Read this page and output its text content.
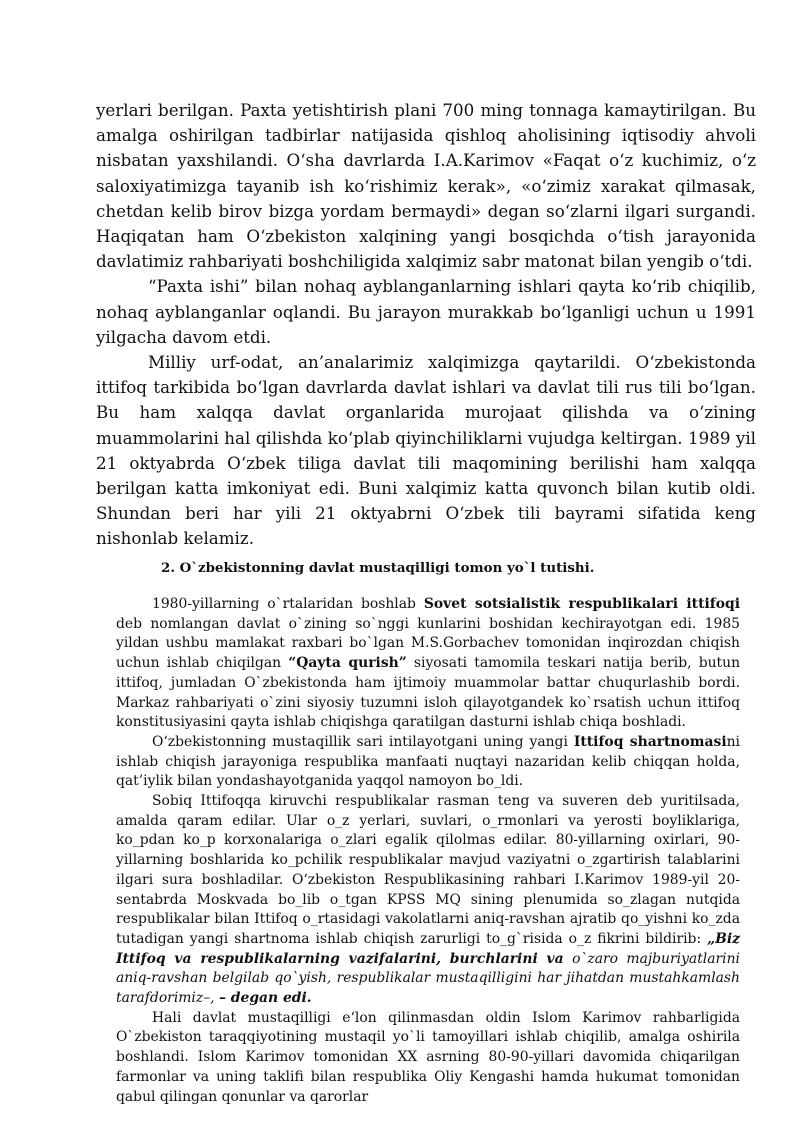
yerlari berilgan. Paxta yetishtirish plani 700 ming tonnaga kamaytirilgan. Bu amalga oshirilgan tadbirlar natijasida qishloq aholisining iqtisodiy ahvoli nisbatan yaxshilandi. O‘sha davrlarda I.A.Karimov «Faqat o‘z kuchimiz, o‘z saloxiyatimizga tayanib ish ko‘rishimiz kerak», «o‘zimiz xarakat qilmasak, chetdan kelib birov bizga yordam bermaydi» degan so‘zlarni ilgari surgandi. Haqiqatan ham O‘zbekiston xalqining yangi bosqichda o‘tish jarayonida davlatimiz rahbariyati boshchiligida xalqimiz sabr matonat bilan yengib o‘tdi.

“Paxta ishi” bilan nohaq ayblanganlarning ishlari qayta ko‘rib chiqilib, nohaq ayblanganlar oqlandi. Bu jarayon murakkab bo‘lganligi uchun u 1991 yilgacha davom etdi.

Milliy urf-odat, an’analarimiz xalqimizga qaytarildi. O‘zbekistonda ittifoq tarkibida bo‘lgan davrlarda davlat ishlari va davlat tili rus tili bo‘lgan. Bu ham xalqqa davlat organlarida murojaat qilishda va o‘zining muammolarini hal qilishda ko‘plab qiyinchiliklarni vujudga keltirgan. 1989 yil 21 oktyabrda O‘zbek tiliga davlat tili maqomining berilishi ham xalqqa berilgan katta imkoniyat edi. Buni xalqimiz katta quvonch bilan kutib oldi. Shundan beri har yili 21 oktyabrni O‘zbek tili bayrami sifatida keng nishonlab kelamiz.

2. O`zbekistonning davlat mustaqilligi tomon yo`l tutishi.

1980-yillarning o`rtalaridan boshlab Sovet sotsialistik respublikalari ittifoqi deb nomlangan davlat o`zining so`nggi kunlarini boshidan kechirayotgan edi. 1985 yildan ushbu mamlakat raxbari bo`lgan M.S.Gorbachev tomonidan inqirozdan chiqish uchun ishlab chiqilgan “Qayta qurish” siyosati tamomila teskari natija berib, butun ittifoq, jumladan O`zbekistonda ham ijtimoiy muammolar battar chuqurlashib bordi. Markaz rahbariyati o`zini siyosiy tuzumni isloh qilayotgandek ko`rsatish uchun ittifoq konstitusiyasini qayta ishlab chiqishga qaratilgan dasturni ishlab chiqa boshladi.

O‘zbekistonning mustaqillik sari intilayotgani uning yangi Ittifoq shartnomasini ishlab chiqish jarayoniga respublika manfaati nuqtayi nazaridan kelib chiqqan holda, qat’iylik bilan yondashayotganida yaqqol namoyon bo_ldi.

Sobiq Ittifoqqa kiruvchi respublikalar rasman teng va suveren deb yuritilsada, amalda qaram edilar. Ular o_z yerlari, suvlari, o_rmonlari va yerosti boyliklariga, ko_pdan ko_p korxonalariga o_zlari egalik qilolmas edilar. 80-yillarning oxirlari, 90-yillarning boshlarida ko_pchilik respublikalar mavjud vaziyatni o_zgartirish talablarini ilgari sura boshladilar. O‘zbekiston Respublikasining rahbari I.Karimov 1989-yil 20-sentabrda Moskvada bo_lib o_tgan KPSS MQ sining plenumida so_zlagan nutqida respublikalar bilan Ittifoq o_rtasidagi vakolatlarni aniq-ravshan ajratib qo_yishni ko_zda tutadigan yangi shartnoma ishlab chiqish zarurligi to_g`risida o_z fikrini bildirib: „Biz Ittifoq va respublikalarning vazifalarini, burchlarini va o`zaro majburiyatlarini aniq-ravshan belgilab qo`yish, respublikalar mustaqilligini har jihatdan mustahkamlash tarafdorimiz–, – degan edi.

Hali davlat mustaqilligi e‘lon qilinmasdan oldin Islom Karimov rahbarligida O`zbekiston taraqqiyotining mustaqil yo`li tamoyillari ishlab chiqilib, amalga oshirila boshlandi. Islom Karimov tomonidan XX asrning 80-90-yillari davomida chiqarilgan farmonlar va uning taklifi bilan respublika Oliy Kengashi hamda hukumat tomonidan qabul qilingan qonunlar va qarorlar
